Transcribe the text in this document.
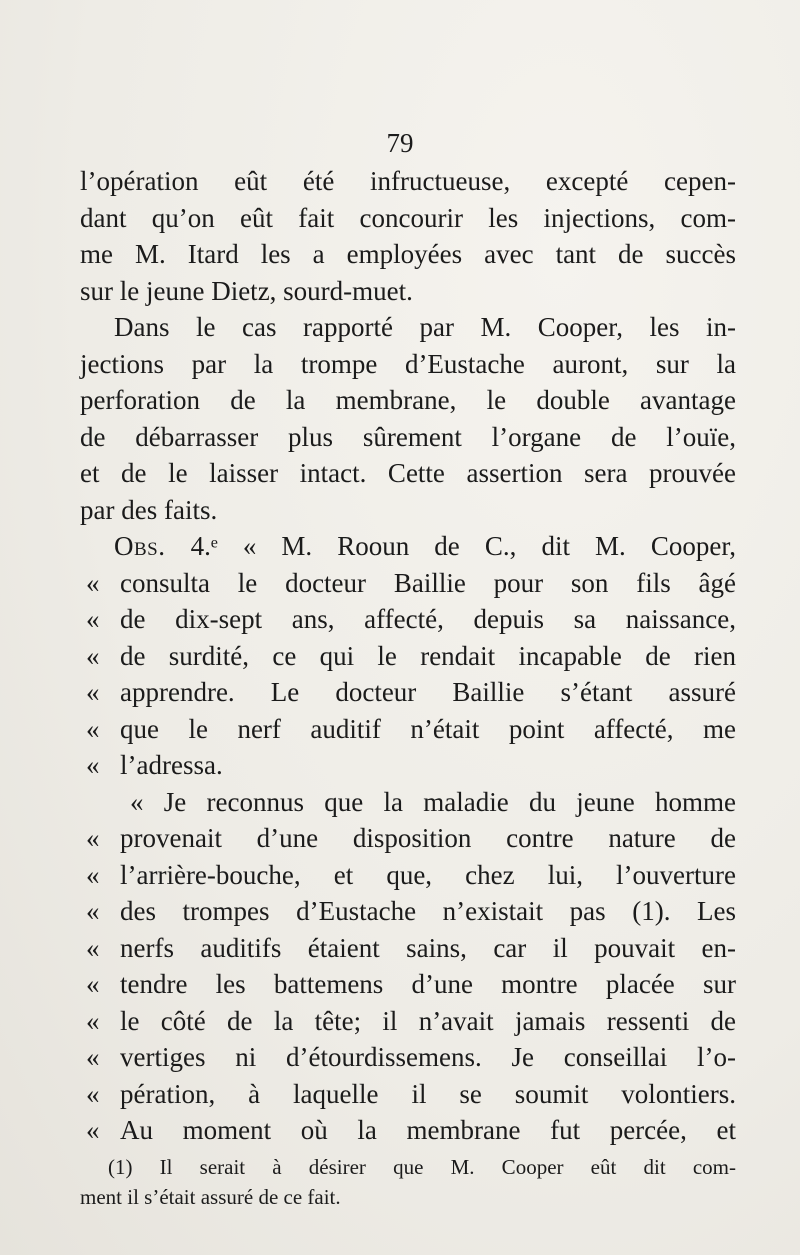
79
l’opération eût été infructueuse, excepté cepen-
dant qu’on eût fait concourir les injections, com-
me M. Itard les a employées avec tant de succès
sur le jeune Dietz, sourd-muet.
Dans le cas rapporté par M. Cooper, les in-
jections par la trompe d’Eustache auront, sur la
perforation de la membrane, le double avantage
de débarrasser plus sûrement l’organe de l’ouïe,
et de le laisser intact. Cette assertion sera prouvée
par des faits.
Obs. 4.ᵉ « M. Rooun de C., dit M. Cooper,
« consulta le docteur Baillie pour son fils âgé
« de dix-sept ans, affecté, depuis sa naissance,
« de surdité, ce qui le rendait incapable de rien
« apprendre. Le docteur Baillie s’étant assuré
« que le nerf auditif n’était point affecté, me
« l’adressa.
« Je reconnus que la maladie du jeune homme
« provenait d’une disposition contre nature de
« l’arrière-bouche, et que, chez lui, l’ouverture
« des trompes d’Eustache n’existait pas (1). Les
« nerfs auditifs étaient sains, car il pouvait en-
« tendre les battemens d’une montre placée sur
« le côté de la tête; il n’avait jamais ressenti de
« vertiges ni d’étourdissemens. Je conseillai l’o-
« pération, à laquelle il se soumit volontiers.
« Au moment où la membrane fut percée, et
(1) Il serait à désirer que M. Cooper eût dit com-
ment il s’était assuré de ce fait.
